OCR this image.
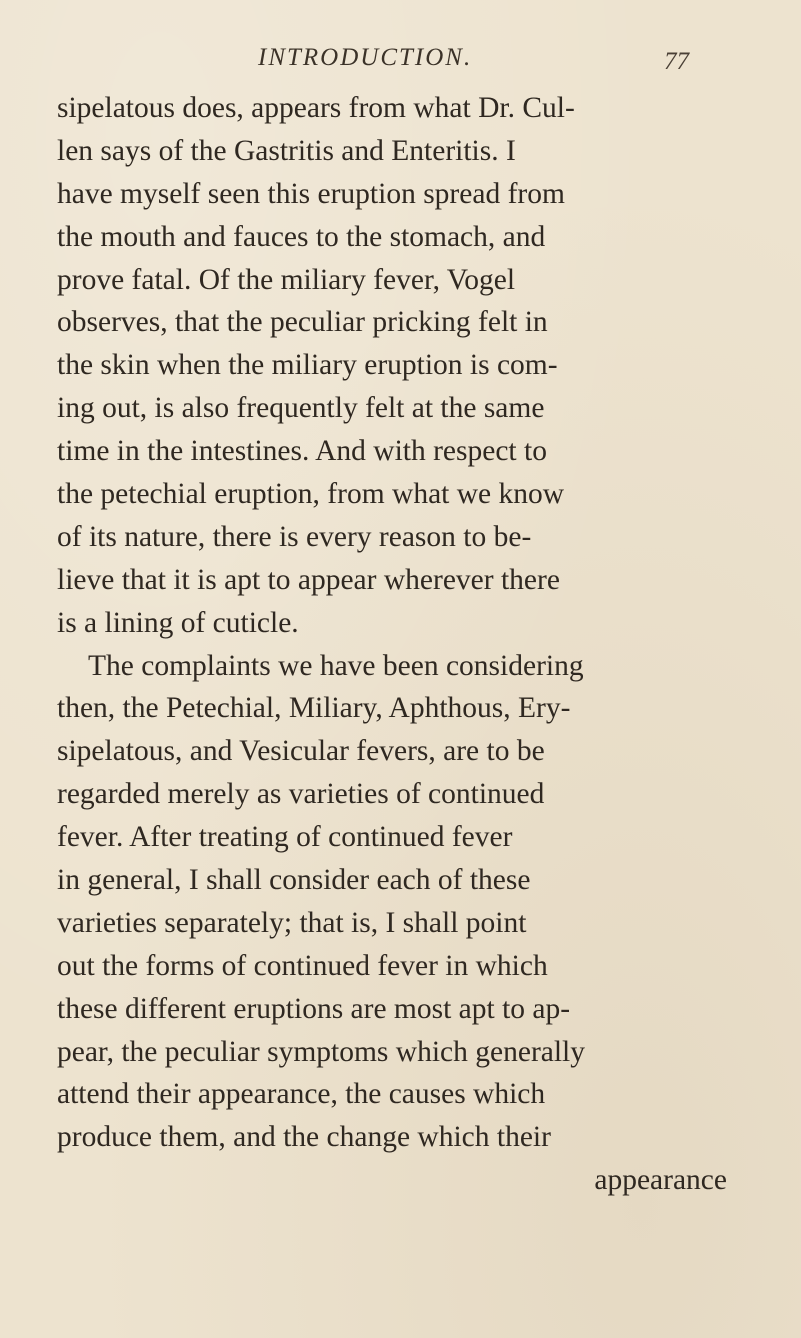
INTRODUCTION.	77
sipelatous does, appears from what Dr. Cul-
len says of the Gastritis and Enteritis. I
have myself seen this eruption spread from
the mouth and fauces to the stomach, and
prove fatal. Of the miliary fever, Vogel
observes, that the peculiar pricking felt in
the skin when the miliary eruption is com-
ing out, is also frequently felt at the same
time in the intestines. And with respect to
the petechial eruption, from what we know
of its nature, there is every reason to be-
lieve that it is apt to appear wherever there
is a lining of cuticle.
The complaints we have been considering
then, the Petechial, Miliary, Aphthous, Ery-
sipelatous, and Vesicular fevers, are to be
regarded merely as varieties of continued
fever. After treating of continued fever
in general, I shall consider each of these
varieties separately; that is, I shall point
out the forms of continued fever in which
these different eruptions are most apt to ap-
pear, the peculiar symptoms which generally
attend their appearance, the causes which
produce them, and the change which their
appearance
